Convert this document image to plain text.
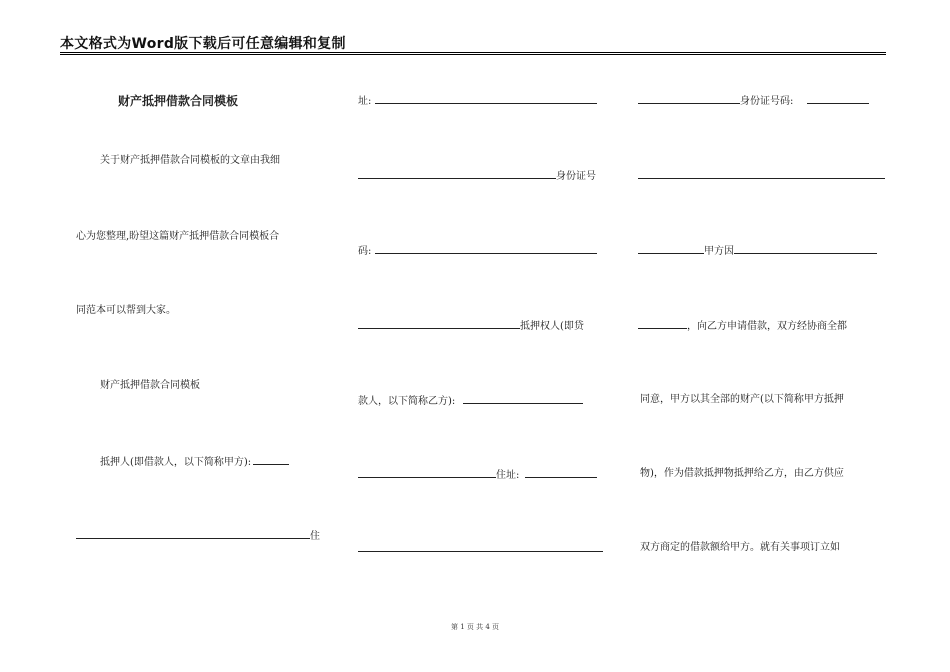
本文格式为Word版下载后可任意编辑和复制
财产抵押借款合同模板
关于财产抵押借款合同模板的文章由我细
心为您整理,盼望这篇财产抵押借款合同模板合
同范本可以帮到大家。
财产抵押借款合同模板
抵押人(即借款人，以下简称甲方):
住
址:
身份证号
码:
抵押权人(即贷
款人，以下简称乙方):
住址:
身份证号码:
甲方因
，向乙方申请借款，双方经协商全都
同意，甲方以其全部的财产(以下简称甲方抵押
物)，作为借款抵押物抵押给乙方，由乙方供应
双方商定的借款额给甲方。就有关事项订立如
第 1 页 共 4 页
